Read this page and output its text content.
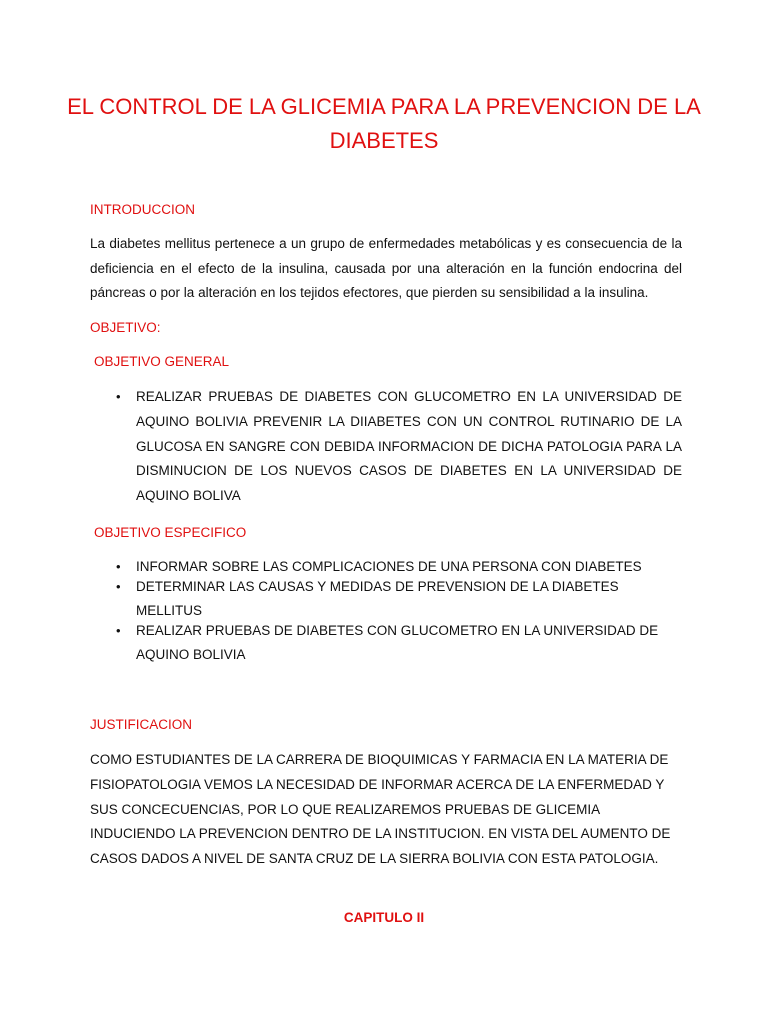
EL CONTROL DE LA GLICEMIA PARA LA PREVENCION DE LA DIABETES
INTRODUCCION

La diabetes mellitus pertenece a un grupo de enfermedades metabólicas y es consecuencia de la deficiencia en el efecto de la insulina, causada por una alteración en la función endocrina del páncreas o por la alteración en los tejidos efectores, que pierden su sensibilidad a la insulina.

OBJETIVO:
OBJETIVO GENERAL
• REALIZAR PRUEBAS DE DIABETES CON GLUCOMETRO EN LA UNIVERSIDAD DE AQUINO BOLIVIA PREVENIR LA DIIABETES CON UN CONTROL RUTINARIO DE LA GLUCOSA EN SANGRE CON DEBIDA INFORMACION DE DICHA PATOLOGIA PARA LA DISMINUCION DE LOS NUEVOS CASOS DE DIABETES EN LA UNIVERSIDAD DE AQUINO BOLIVA
OBJETIVO ESPECIFICO
• INFORMAR SOBRE LAS COMPLICACIONES DE UNA PERSONA CON DIABETES
• DETERMINAR LAS CAUSAS Y MEDIDAS DE PREVENSION DE LA DIABETES MELLITUS
• REALIZAR PRUEBAS DE DIABETES CON GLUCOMETRO EN LA UNIVERSIDAD DE AQUINO BOLIVIA
JUSTIFICACION

COMO ESTUDIANTES DE LA CARRERA DE BIOQUIMICAS Y FARMACIA EN LA MATERIA DE FISIOPATOLOGIA VEMOS LA NECESIDAD DE INFORMAR ACERCA DE LA ENFERMEDAD Y SUS CONCECUENCIAS, POR LO QUE REALIZAREMOS PRUEBAS DE GLICEMIA INDUCIENDO LA PREVENCION DENTRO DE LA INSTITUCION. EN VISTA DEL AUMENTO DE CASOS DADOS A NIVEL DE SANTA CRUZ DE LA SIERRA BOLIVIA CON ESTA PATOLOGIA.

CAPITULO II
